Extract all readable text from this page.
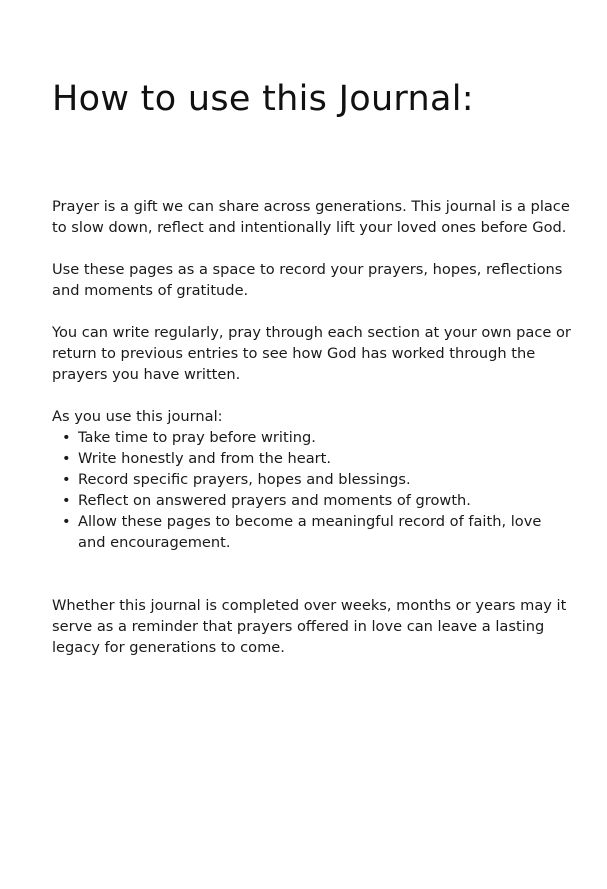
How to use this Journal:

Prayer is a gift we can share across generations. This journal is a place to slow down, reflect and intentionally lift your loved ones before God.

Use these pages as a space to record your prayers, hopes, reflections and moments of gratitude.

You can write regularly, pray through each section at your own pace or return to previous entries to see how God has worked through the prayers you have written.

As you use this journal:
• Take time to pray before writing.
• Write honestly and from the heart.
• Record specific prayers, hopes and blessings.
• Reflect on answered prayers and moments of growth.
• Allow these pages to become a meaningful record of faith, love and encouragement.

Whether this journal is completed over weeks, months or years may it serve as a reminder that prayers offered in love can leave a lasting legacy for generations to come.
